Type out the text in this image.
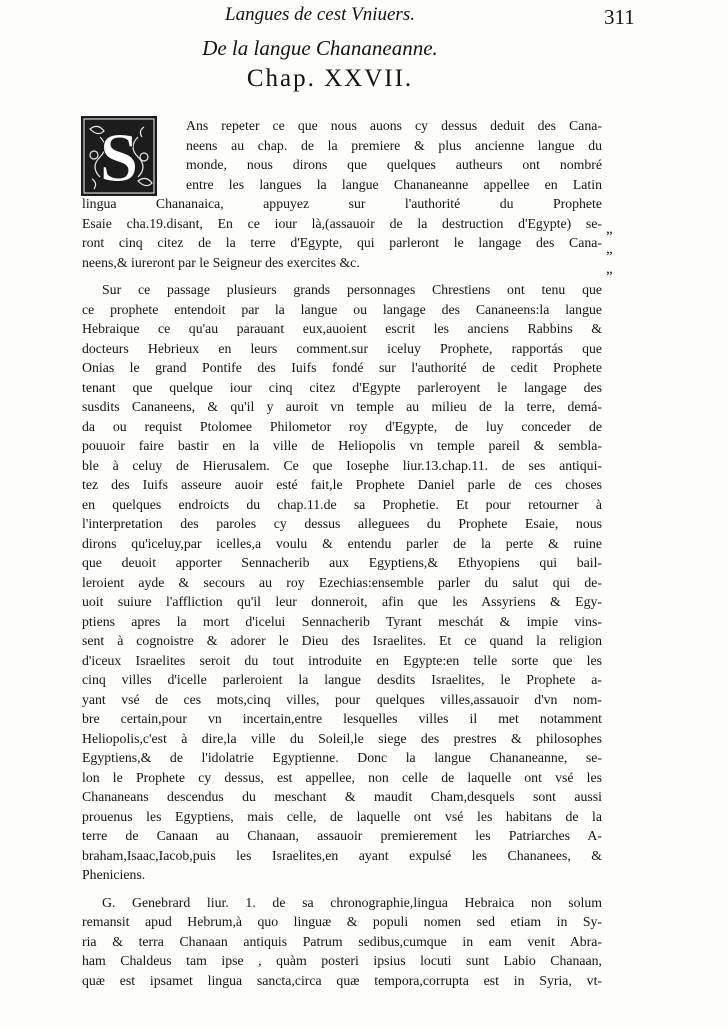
Langues de cest Vniuers.	311

De la langue Chananeanne.

Chap. XXVII.

„
„
„
S	Ans repeter ce que nous auons cy dessus deduit des Cana-
neens au chap. de la premiere & plus ancienne langue du
monde, nous dirons que quelques autheurs ont nombré
entre les langues la langue Chananeanne appellee en Latin
lingua Chananaica, appuyez sur l'authorité du Prophete
Esaie cha.19.disant, En ce iour là,(assauoir de la destruction d'Egypte) se-
ront cinq citez de la terre d'Egypte, qui parleront le langage des Cana-
neens,& iureront par le Seigneur des exercites &c.

Sur ce passage plusieurs grands personnages Chrestiens ont tenu que
ce prophete entendoit par la langue ou langage des Cananeens:la langue
Hebraique ce qu'au parauant eux,auoient escrit les anciens Rabbins &
docteurs Hebrieux en leurs comment.sur iceluy Prophete, rapportás que
Onias le grand Pontife des Iuifs fondé sur l'authorité de cedit Prophete
tenant que quelque iour cinq citez d'Egypte parleroyent le langage des
susdits Cananeens, & qu'il y auroit vn temple au milieu de la terre, demá-
da ou requist Ptolomee Philometor roy d'Egypte, de luy conceder de
pouuoir faire bastir en la ville de Heliopolis vn temple pareil & sembla-
ble à celuy de Hierusalem. Ce que Iosephe liur.13.chap.11. de ses antiqui-
tez des Iuifs asseure auoir esté fait,le Prophete Daniel parle de ces choses
en quelques endroicts du chap.11.de sa Prophetie. Et pour retourner à
l'interpretation des paroles cy dessus alleguees du Prophete Esaie, nous
dirons qu'iceluy,par icelles,a voulu & entendu parler de la perte & ruine
que deuoit apporter Sennacherib aux Egyptiens,& Ethyopiens qui bail-
leroient ayde & secours au roy Ezechias:ensemble parler du salut qui de-
uoit suiure l'affliction qu'il leur donneroit, afin que les Assyriens & Egy-
ptiens apres la mort d'icelui Sennacherib Tyrant meschát & impie vins-
sent à cognoistre & adorer le Dieu des Israelites. Et ce quand la religion
d'iceux Israelites seroit du tout introduite en Egypte:en telle sorte que les
cinq villes d'icelle parleroient la langue desdits Israelites, le Prophete a-
yant vsé de ces mots,cinq villes, pour quelques villes,assauoir d'vn nom-
bre certain,pour vn incertain,entre lesquelles villes il met notamment
Heliopolis,c'est à dire,la ville du Soleil,le siege des prestres & philosophes
Egyptiens,& de l'idolatrie Egyptienne. Donc la langue Chananeanne, se-
lon le Prophete cy dessus, est appellee, non celle de laquelle ont vsé les
Chananeans descendus du meschant & maudit Cham,desquels sont aussi
prouenus les Egyptiens, mais celle, de laquelle ont vsé les habitans de la
terre de Canaan au Chanaan, assauoir premierement les Patriarches A-
braham,Isaac,Iacob,puis les Israelites,en ayant expulsé les Chananees, &
Pheniciens.

G. Genebrard liur. 1. de sa chronographie,lingua Hebraica non solum
remansit apud Hebrum,à quo linguæ & populi nomen sed etiam in Sy-
ria & terra Chanaan antiquis Patrum sedibus,cumque in eam venit Abra-
ham Chaldeus tam ipse , quàm posteri ipsius locuti sunt Labio Chanaan,
quæ est ipsamet lingua sancta,circa quæ tempora,corrupta est in Syria, vt-
